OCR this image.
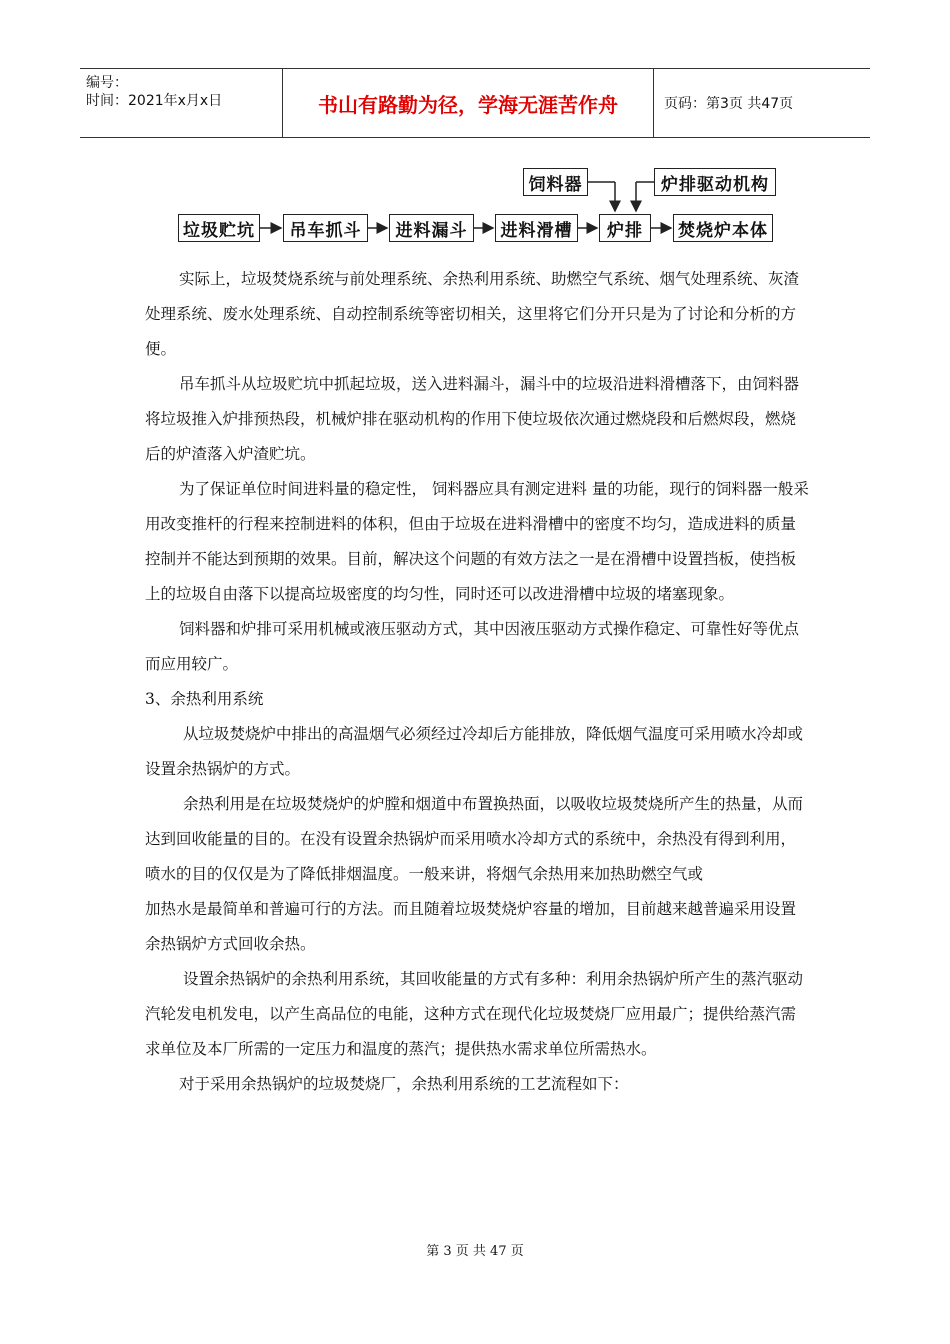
编号：
时间：2021年x月x日	书山有路勤为径，学海无涯苦作舟	页码：第3页 共47页
垃圾贮坑	吊车抓斗	进料漏斗	进料滑槽	炉排	焚烧炉本体
饲料器	炉排驱动机构

实际上，垃圾焚烧系统与前处理系统、余热利用系统、助燃空气系统、烟气处理系统、灰渣处理系统、废水处理系统、自动控制系统等密切相关，这里将它们分开只是为了讨论和分析的方便。

吊车抓斗从垃圾贮坑中抓起垃圾，送入进料漏斗，漏斗中的垃圾沿进料滑槽落下，由饲料器将垃圾推入炉排预热段，机械炉排在驱动机构的作用下使垃圾依次通过燃烧段和后燃烬段，燃烧后的炉渣落入炉渣贮坑。

为了保证单位时间进料量的稳定性， 饲料器应具有测定进料 量的功能，现行的饲料器一般采用改变推杆的行程来控制进料的体积，但由于垃圾在进料滑槽中的密度不均匀，造成进料的质量控制并不能达到预期的效果。目前，解决这个问题的有效方法之一是在滑槽中设置挡板，使挡板上的垃圾自由落下以提高垃圾密度的均匀性，同时还可以改进滑槽中垃圾的堵塞现象。

饲料器和炉排可采用机械或液压驱动方式，其中因液压驱动方式操作稳定、可靠性好等优点而应用较广。

3、余热利用系统

从垃圾焚烧炉中排出的高温烟气必须经过冷却后方能排放，降低烟气温度可采用喷水冷却或设置余热锅炉的方式。

余热利用是在垃圾焚烧炉的炉膛和烟道中布置换热面，以吸收垃圾焚烧所产生的热量，从而达到回收能量的目的。在没有设置余热锅炉而采用喷水冷却方式的系统中，余热没有得到利用，喷水的目的仅仅是为了降低排烟温度。一般来讲，将烟气余热用来加热助燃空气或

加热水是最简单和普遍可行的方法。而且随着垃圾焚烧炉容量的增加，目前越来越普遍采用设置余热锅炉方式回收余热。

设置余热锅炉的余热利用系统，其回收能量的方式有多种：利用余热锅炉所产生的蒸汽驱动汽轮发电机发电，以产生高品位的电能，这种方式在现代化垃圾焚烧厂应用最广；提供给蒸汽需求单位及本厂所需的一定压力和温度的蒸汽；提供热水需求单位所需热水。

对于采用余热锅炉的垃圾焚烧厂，余热利用系统的工艺流程如下：

第 3 页 共 47 页
